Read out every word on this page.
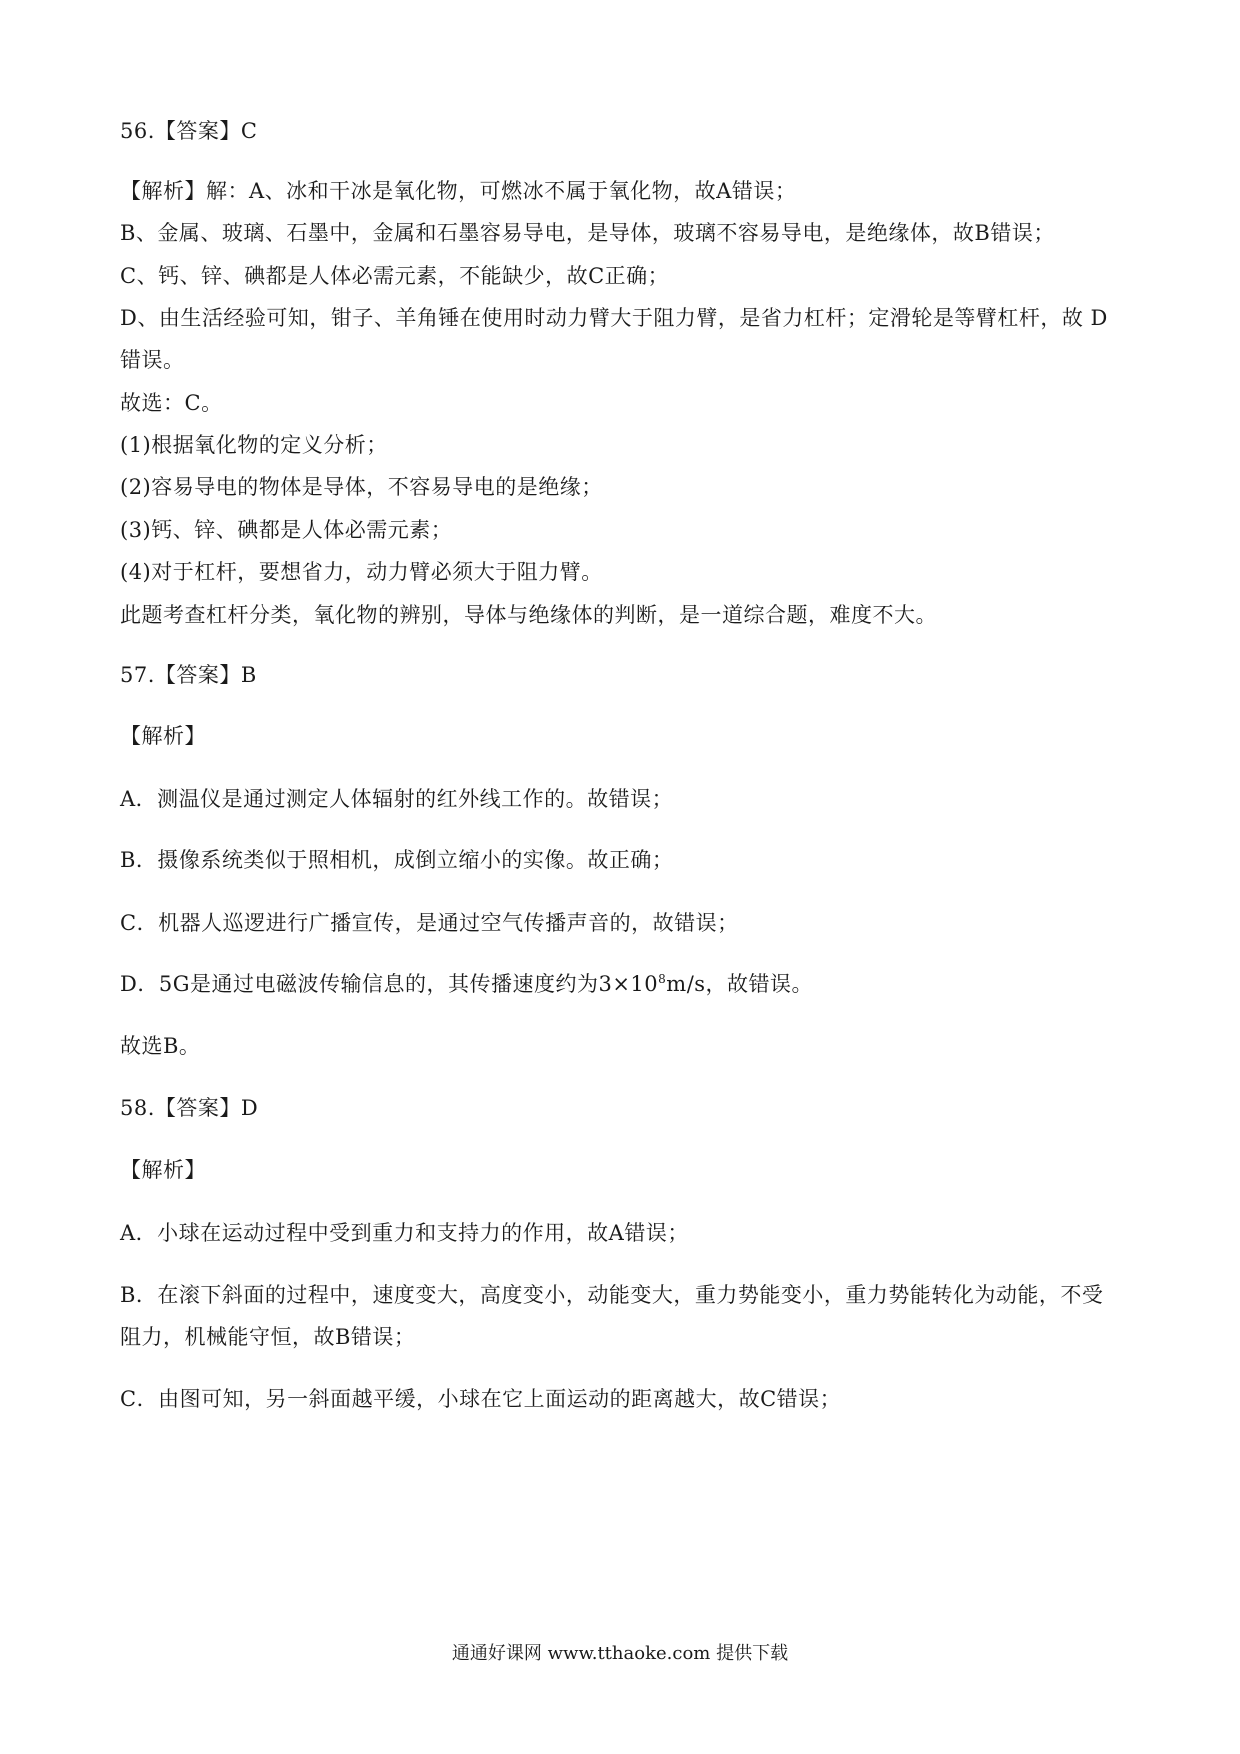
56.【答案】C
【解析】解：A、冰和干冰是氧化物，可燃冰不属于氧化物，故A错误；
B、金属、玻璃、石墨中，金属和石墨容易导电，是导体，玻璃不容易导电，是绝缘体，故B错误；
C、钙、锌、碘都是人体必需元素，不能缺少，故C正确；
D、由生活经验可知，钳子、羊角锤在使用时动力臂大于阻力臂，是省力杠杆；定滑轮是等臂杠杆，故 D
错误。
故选：C。
(1)根据氧化物的定义分析；
(2)容易导电的物体是导体，不容易导电的是绝缘；
(3)钙、锌、碘都是人体必需元素；
(4)对于杠杆，要想省力，动力臂必须大于阻力臂。
此题考查杠杆分类，氧化物的辨别，导体与绝缘体的判断，是一道综合题，难度不大。
57.【答案】B
【解析】
A．测温仪是通过测定人体辐射的红外线工作的。故错误；
B．摄像系统类似于照相机，成倒立缩小的实像。故正确；
C．机器人巡逻进行广播宣传，是通过空气传播声音的，故错误；
D．5G是通过电磁波传输信息的，其传播速度约为$3\times 10^8m/s$，故错误。
故选B。
58.【答案】D
【解析】
A．小球在运动过程中受到重力和支持力的作用，故A错误；
B．在滚下斜面的过程中，速度变大，高度变小，动能变大，重力势能变小，重力势能转化为动能，不受
阻力，机械能守恒，故B错误；
C．由图可知，另一斜面越平缓，小球在它上面运动的距离越大，故C错误；
通通好课网 www.tthaoke.com 提供下载
